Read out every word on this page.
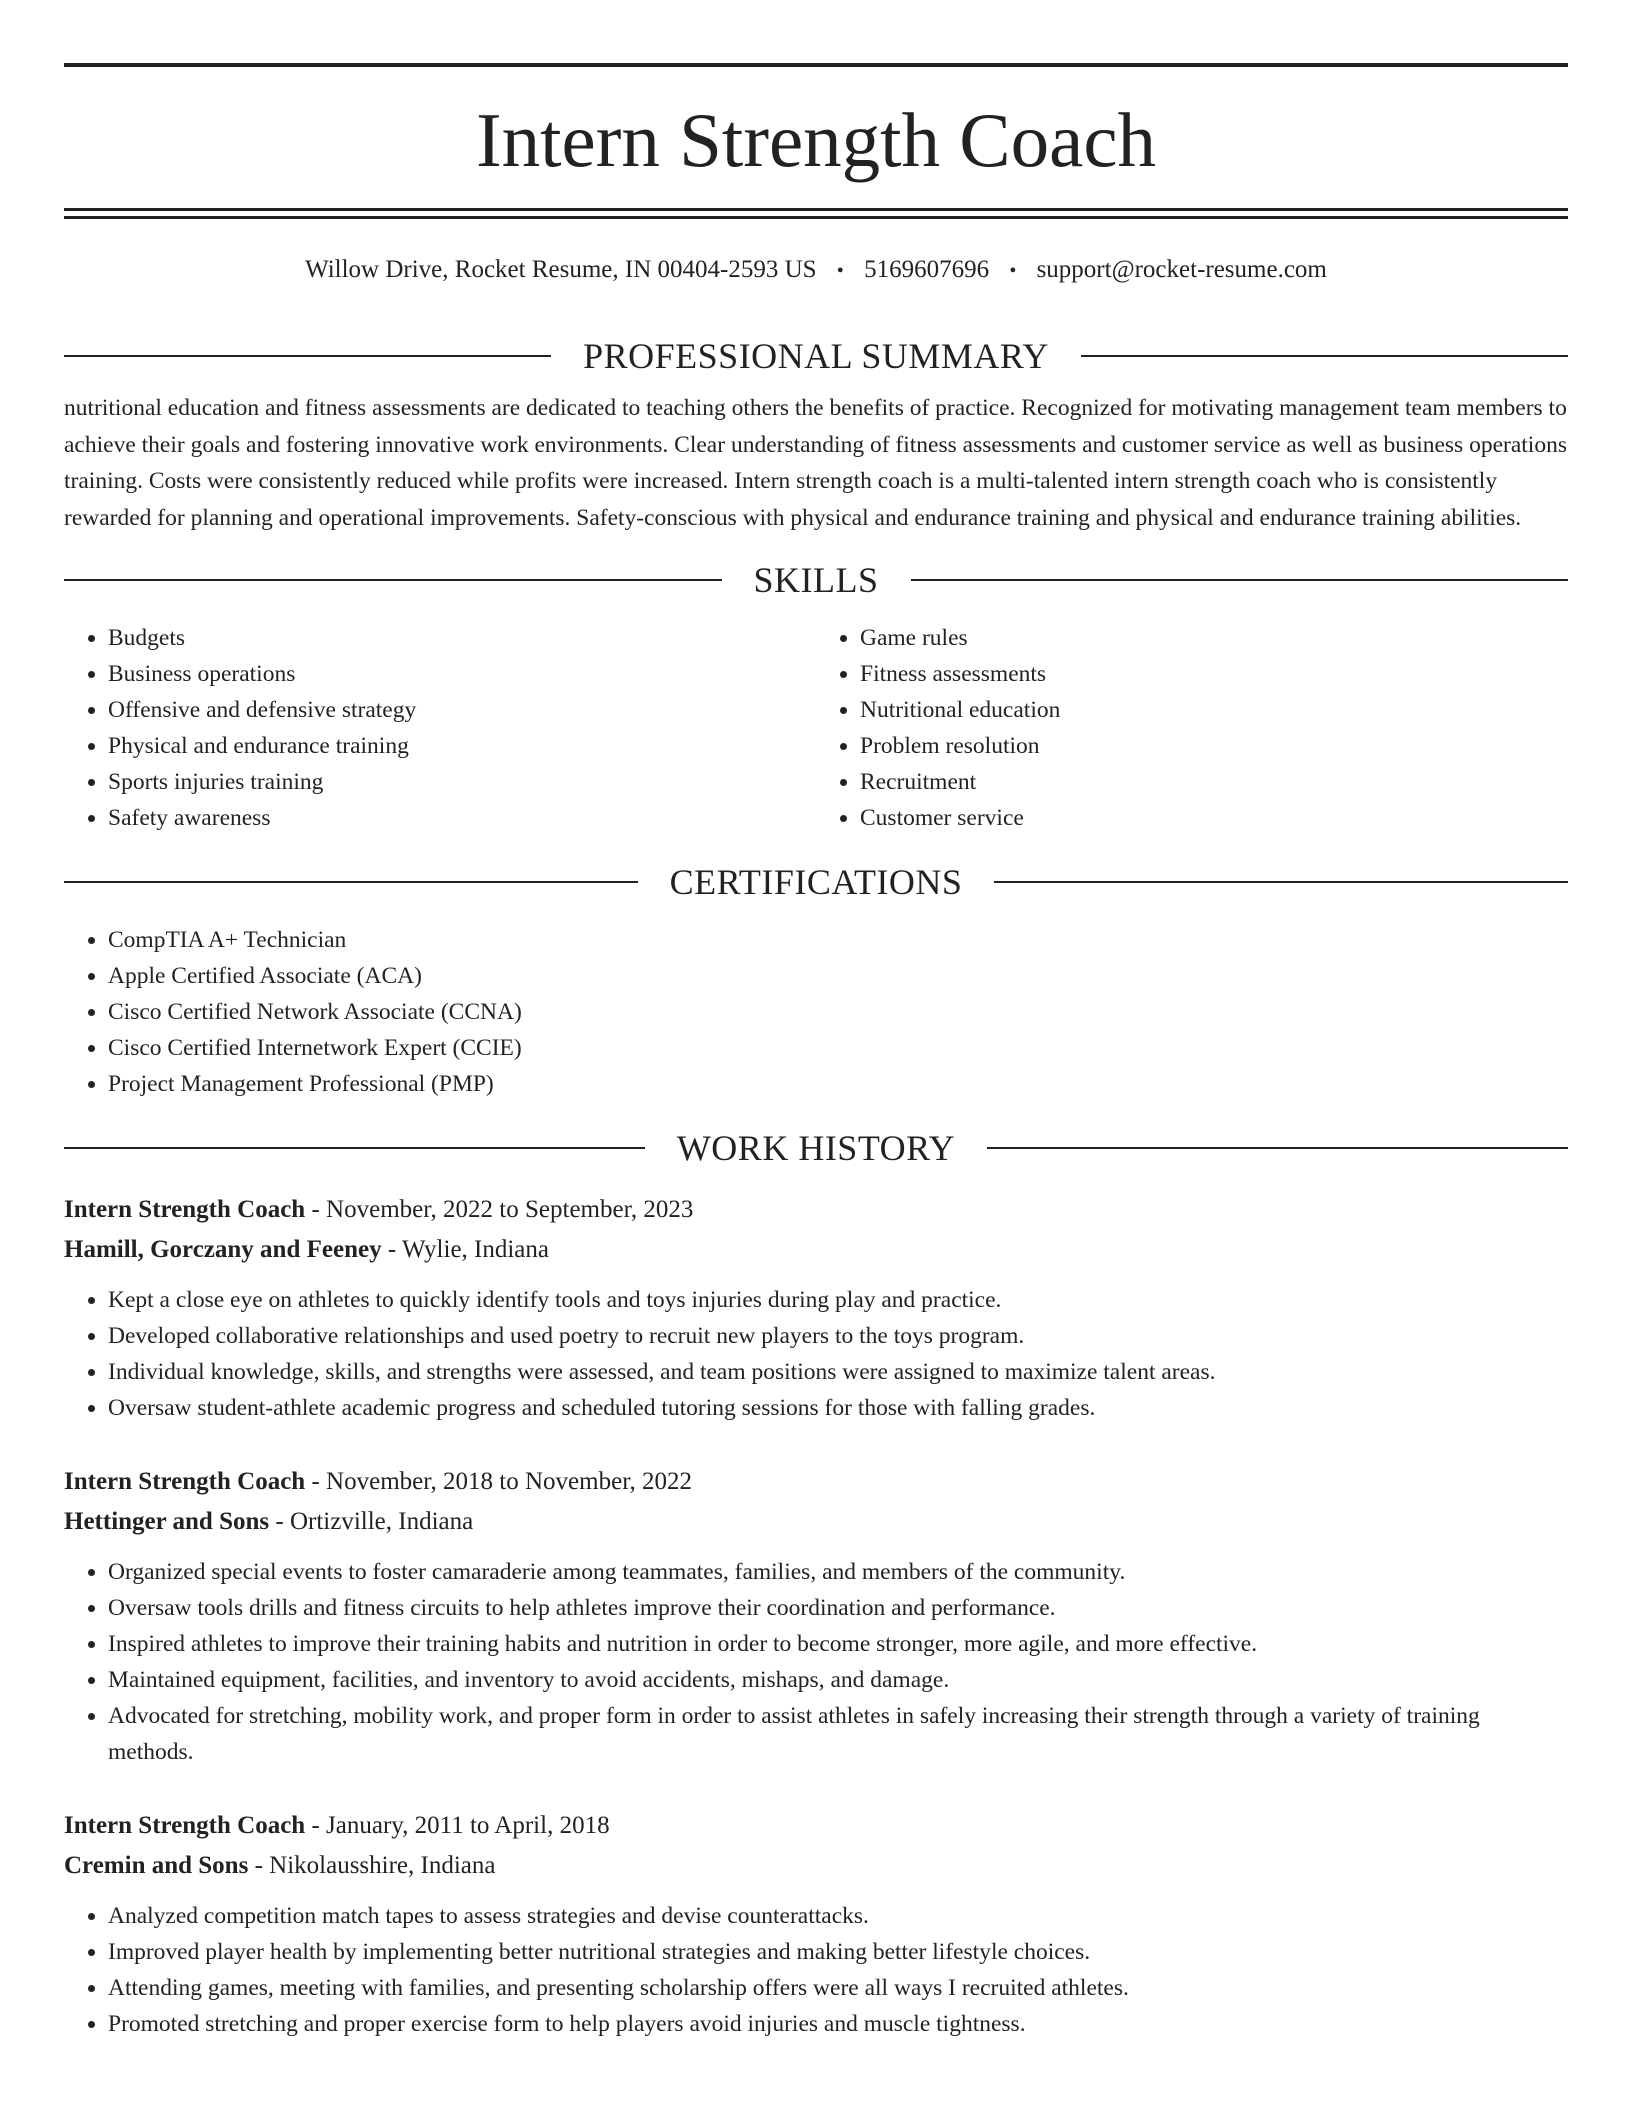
Intern Strength Coach
Willow Drive, Rocket Resume, IN 00404-2593 US • 5169607696 • support@rocket-resume.com
PROFESSIONAL SUMMARY

nutritional education and fitness assessments are dedicated to teaching others the benefits of practice. Recognized for motivating management team members to achieve their goals and fostering innovative work environments. Clear understanding of fitness assessments and customer service as well as business operations training. Costs were consistently reduced while profits were increased. Intern strength coach is a multi-talented intern strength coach who is consistently rewarded for planning and operational improvements. Safety-conscious with physical and endurance training and physical and endurance training abilities.

SKILLS
• Budgets
• Business operations
• Offensive and defensive strategy
• Physical and endurance training
• Sports injuries training
• Safety awareness
• Game rules
• Fitness assessments
• Nutritional education
• Problem resolution
• Recruitment
• Customer service
CERTIFICATIONS
• CompTIA A+ Technician
• Apple Certified Associate (ACA)
• Cisco Certified Network Associate (CCNA)
• Cisco Certified Internetwork Expert (CCIE)
• Project Management Professional (PMP)
WORK HISTORY
Intern Strength Coach - November, 2022 to September, 2023
Hamill, Gorczany and Feeney - Wylie, Indiana
• Kept a close eye on athletes to quickly identify tools and toys injuries during play and practice.
• Developed collaborative relationships and used poetry to recruit new players to the toys program.
• Individual knowledge, skills, and strengths were assessed, and team positions were assigned to maximize talent areas.
• Oversaw student-athlete academic progress and scheduled tutoring sessions for those with falling grades.
Intern Strength Coach - November, 2018 to November, 2022
Hettinger and Sons - Ortizville, Indiana
• Organized special events to foster camaraderie among teammates, families, and members of the community.
• Oversaw tools drills and fitness circuits to help athletes improve their coordination and performance.
• Inspired athletes to improve their training habits and nutrition in order to become stronger, more agile, and more effective.
• Maintained equipment, facilities, and inventory to avoid accidents, mishaps, and damage.
• Advocated for stretching, mobility work, and proper form in order to assist athletes in safely increasing their strength through a variety of training methods.
Intern Strength Coach - January, 2011 to April, 2018
Cremin and Sons - Nikolausshire, Indiana
• Analyzed competition match tapes to assess strategies and devise counterattacks.
• Improved player health by implementing better nutritional strategies and making better lifestyle choices.
• Attending games, meeting with families, and presenting scholarship offers were all ways I recruited athletes.
• Promoted stretching and proper exercise form to help players avoid injuries and muscle tightness.
